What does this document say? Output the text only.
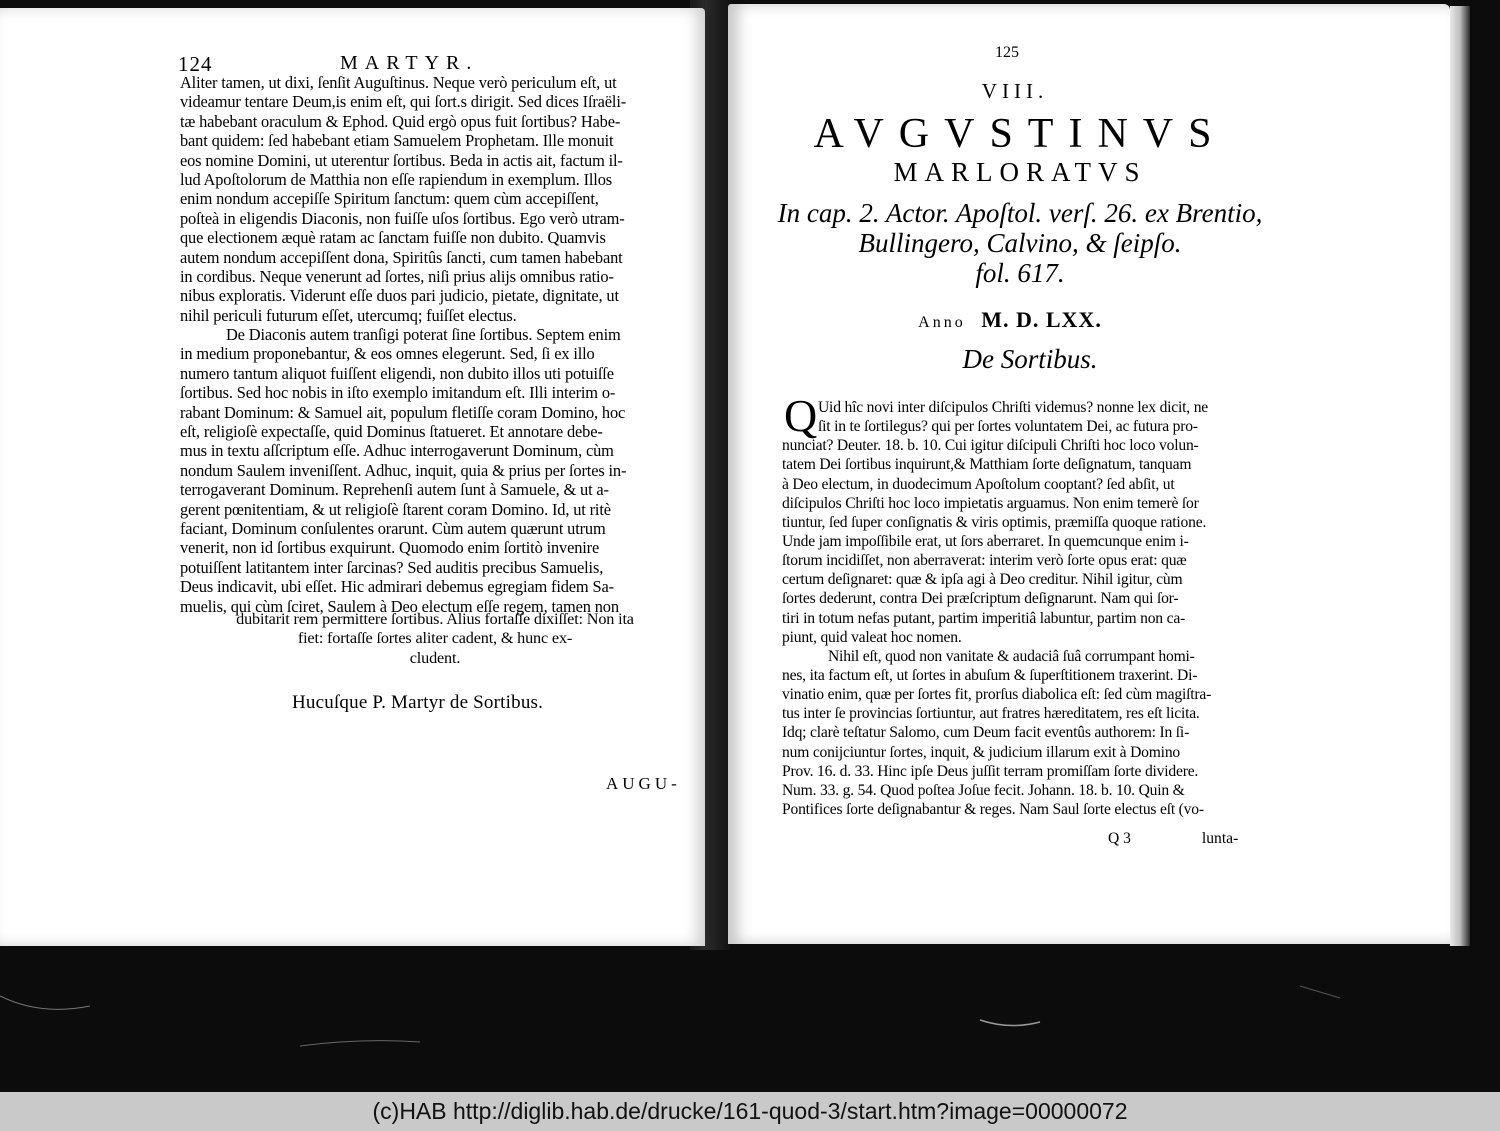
124	MARTYR.
Aliter tamen, ut dixi, ſenſit Auguſtinus. Neque verò periculum eſt, ut
videamur tentare Deum,is enim eſt, qui ſort.s dirigit. Sed dices Iſraëli-
tæ habebant oraculum & Ephod. Quid ergò opus fuit ſortibus? Habe-
bant quidem: ſed habebant etiam Samuelem Prophetam. Ille monuit
eos nomine Domini, ut uterentur ſortibus. Beda in actis ait, factum il-
lud Apoſtolorum de Matthia non eſſe rapiendum in exemplum. Illos
enim nondum accepiſſe Spiritum ſanctum: quem cùm accepiſſent,
poſteà in eligendis Diaconis, non fuiſſe uſos ſortibus. Ego verò utram-
que electionem æquè ratam ac ſanctam fuiſſe non dubito. Quamvis
autem nondum accepiſſent dona, Spiritûs ſancti, cum tamen habebant
in cordibus. Neque venerunt ad ſortes, niſi prius alijs omnibus ratio-
nibus exploratis. Viderunt eſſe duos pari judicio, pietate, dignitate, ut
nihil periculi futurum eſſet, utercumq; fuiſſet electus.
De Diaconis autem tranſigi poterat ſine ſortibus. Septem enim
in medium proponebantur, & eos omnes elegerunt. Sed, ſi ex illo
numero tantum aliquot fuiſſent eligendi, non dubito illos uti potuiſſe
ſortibus. Sed hoc nobis in iſto exemplo imitandum eſt. Illi interim o-
rabant Dominum: & Samuel ait, populum fletiſſe coram Domino, hoc
eſt, religioſè expectaſſe, quid Dominus ſtatueret. Et annotare debe-
mus in textu aſſcriptum eſſe. Adhuc interrogaverunt Dominum, cùm
nondum Saulem inveniſſent. Adhuc, inquit, quia & prius per ſortes in-
terrogaverant Dominum. Reprehenſi autem ſunt à Samuele, & ut a-
gerent pœnitentiam, & ut religioſè ſtarent coram Domino. Id, ut ritè
faciant, Dominum conſulentes orarunt. Cùm autem quærunt utrum
venerit, non id ſortibus exquirunt. Quomodo enim ſortitò invenire
potuiſſent latitantem inter ſarcinas? Sed auditis precibus Samuelis,
Deus indicavit, ubi eſſet. Hic admirari debemus egregiam fidem Sa-
muelis, qui cùm ſciret, Saulem à Deo electum eſſe regem, tamen non
dubitarit rem permittere ſortibus. Alius fortaſſe dixiſſet: Non ita
fiet: fortaſſe ſortes aliter cadent, & hunc ex-
cludent.
Hucuſque P. Martyr de Sortibus.
AUGU-
125
VIII.
AVGVSTINVS
MARLORATVS
In cap. 2. Actor. Apoſtol. verſ. 26. ex Brentio,
Bullingero, Calvino, & ſeipſo.
fol. 617.
Anno M. D. LXX.
De Sortibus.
Q Uid hîc novi inter diſcipulos Chriſti videmus? nonne lex dicit, ne
ſit in te ſortilegus? qui per ſortes voluntatem Dei, ac futura pro-
nunciat? Deuter. 18. b. 10. Cui igitur diſcipuli Chriſti hoc loco volun-
tatem Dei ſortibus inquirunt,& Matthiam ſorte deſignatum, tanquam
à Deo electum, in duodecimum Apoſtolum cooptant? ſed abſit, ut
diſcipulos Chriſti hoc loco impietatis arguamus. Non enim temerè ſor
tiuntur, ſed ſuper conſignatis & viris optimis, præmiſſa quoque ratione.
Unde jam impoſſibile erat, ut ſors aberraret. In quemcunque enim i-
ſtorum incidiſſet, non aberraverat: interim verò ſorte opus erat: quæ
certum deſignaret: quæ & ipſa agi à Deo creditur. Nihil igitur, cùm
ſortes dederunt, contra Dei præſcriptum deſignarunt. Nam qui ſor-
tiri in totum nefas putant, partim imperitiâ labuntur, partim non ca-
piunt, quid valeat hoc nomen.
Nihil eſt, quod non vanitate & audaciâ ſuâ corrumpant homi-
nes, ita factum eſt, ut ſortes in abuſum & ſuperſtitionem traxerint. Di-
vinatio enim, quæ per ſortes fit, prorſus diabolica eſt: ſed cùm magiſtra-
tus inter ſe provincias ſortiuntur, aut fratres hæreditatem, res eſt licita.
Idq; clarè teſtatur Salomo, cum Deum facit eventûs authorem: In ſi-
num conijciuntur ſortes, inquit, & judicium illarum exit à Domino
Prov. 16. d. 33. Hinc ipſe Deus juſſit terram promiſſam ſorte dividere.
Num. 33. g. 54. Quod poſtea Joſue fecit. Johann. 18. b. 10. Quin &
Pontifices ſorte deſignabantur & reges. Nam Saul ſorte electus eſt (vo-
Q 3	lunta-
(c)HAB http://diglib.hab.de/drucke/161-quod-3/start.htm?image=00000072
